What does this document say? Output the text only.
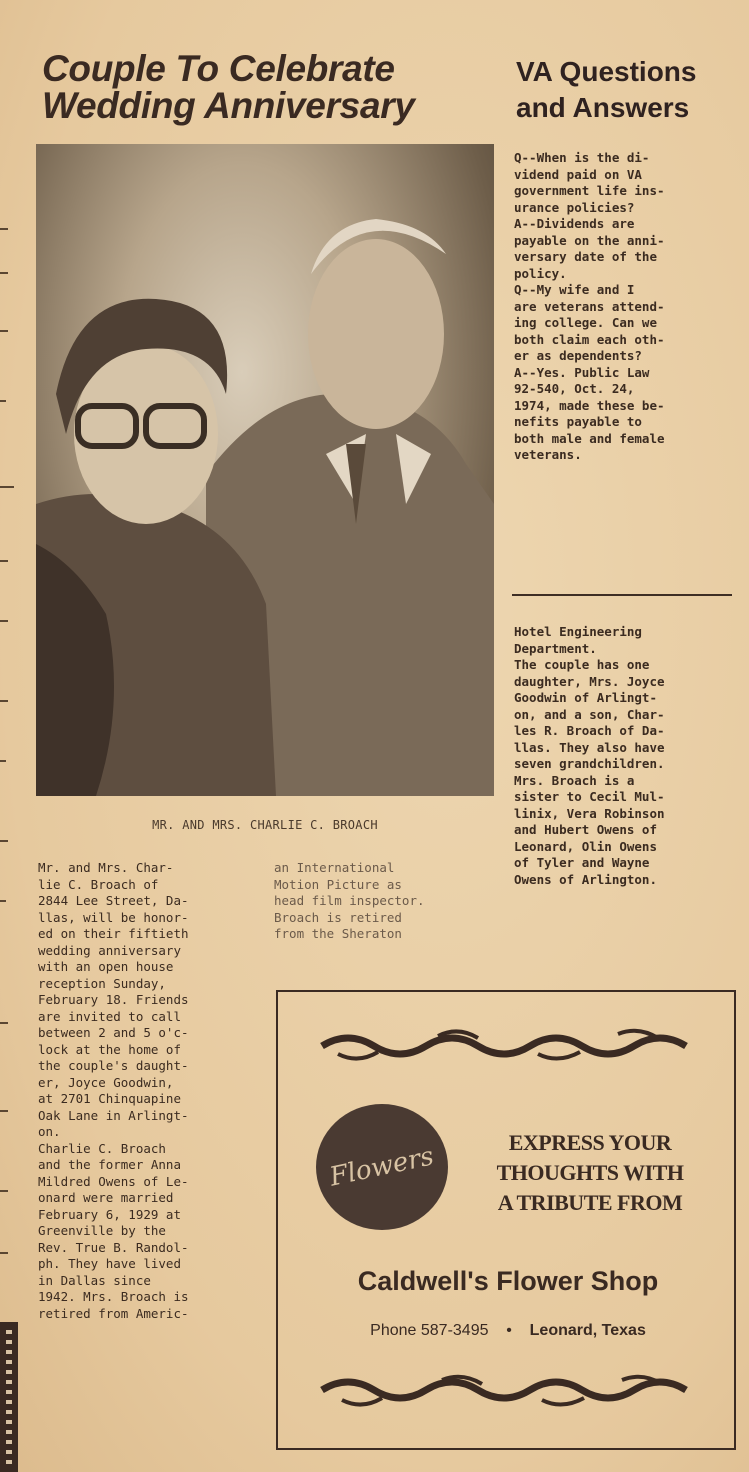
Couple To Celebrate Wedding Anniversary
VA Questions and Answers
MR. AND MRS. CHARLIE C. BROACH
Mr. and Mrs. Char-
lie C. Broach of
2844 Lee Street, Da-
llas, will be honor-
ed on their fiftieth
wedding anniversary
with an open house
reception Sunday,
February 18. Friends
are invited to call
between 2 and 5 o'c-
lock at the home of
the couple's daught-
er, Joyce Goodwin,
at 2701 Chinquapine
Oak Lane in Arlingt-
on.
Charlie C. Broach
and the former Anna
Mildred Owens of Le-
onard were married
February 6, 1929 at
Greenville by the
Rev. True B. Randol-
ph. They have lived
in Dallas since
1942. Mrs. Broach is
retired from Americ-
an International
Motion Picture as
head film inspector.
Broach is retired
from the Sheraton
Q--When is the di-
vidend paid on VA
government life ins-
urance policies?
A--Dividends are
payable on the anni-
versary date of the
policy.
Q--My wife and I
are veterans attend-
ing college. Can we
both claim each oth-
er as dependents?
A--Yes. Public Law
92-540, Oct. 24,
1974, made these be-
nefits payable to
both male and female
veterans.
Hotel Engineering
Department.
The couple has one
daughter, Mrs. Joyce
Goodwin of Arlingt-
on, and a son, Char-
les R. Broach of Da-
llas. They also have
seven grandchildren.
Mrs. Broach is a
sister to Cecil Mul-
linix, Vera Robinson
and Hubert Owens of
Leonard, Olin Owens
of Tyler and Wayne
Owens of Arlington.
Flowers	EXPRESS YOUR
THOUGHTS WITH
A TRIBUTE FROM
Caldwell's Flower Shop
Phone 587-3495 • Leonard, Texas
